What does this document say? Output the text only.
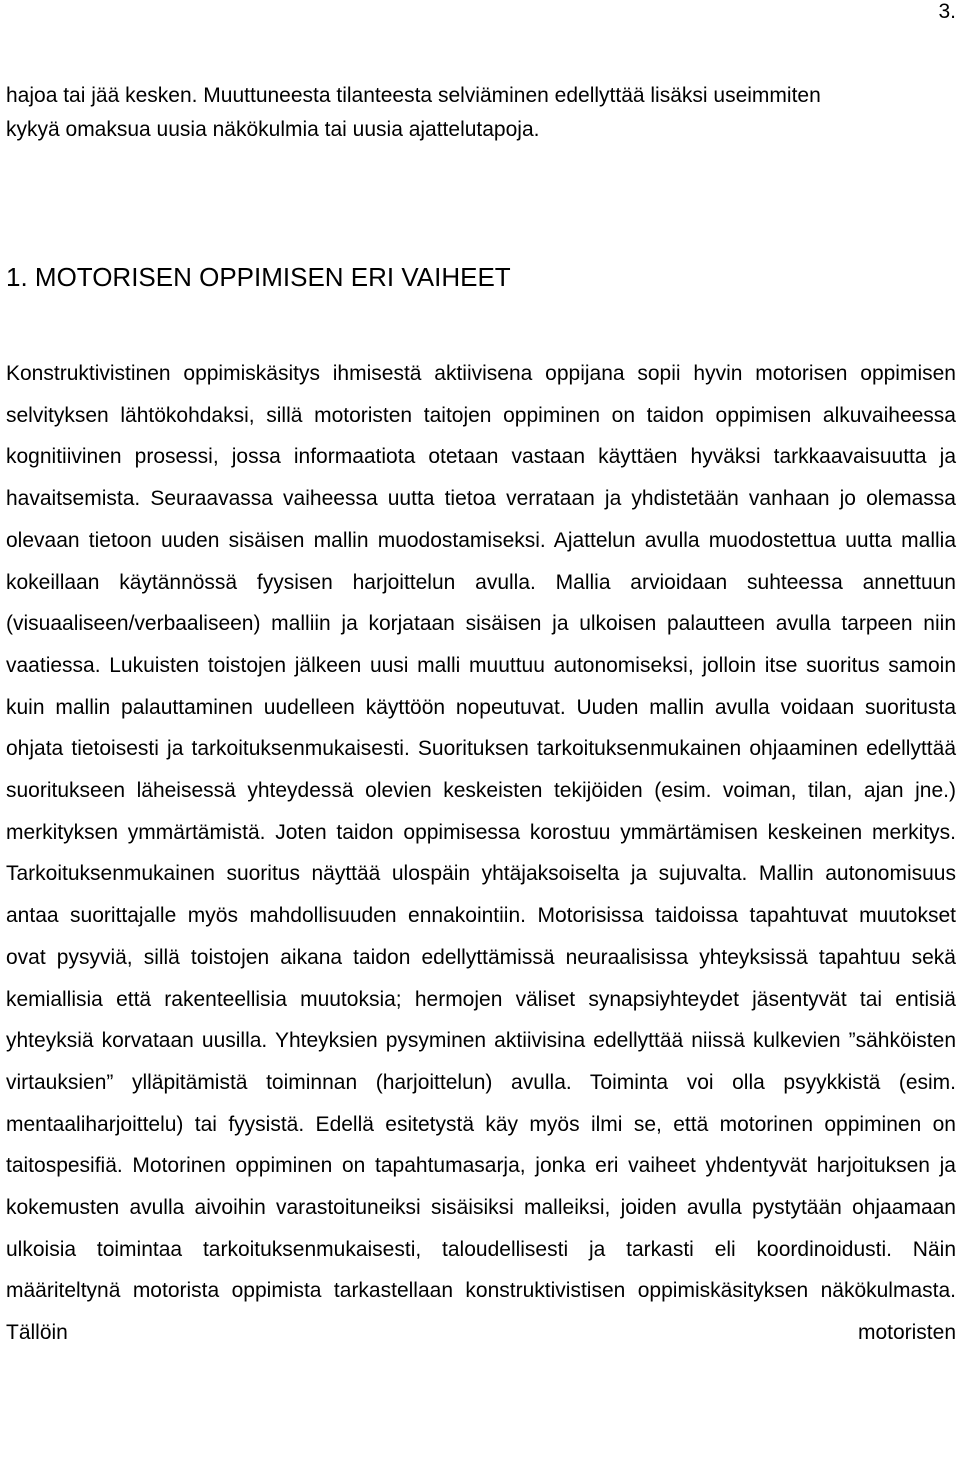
3.

hajoa tai jää kesken. Muuttuneesta tilanteesta selviäminen edellyttää lisäksi useimmiten
kykyä omaksua uusia näkökulmia tai uusia ajattelutapoja.

1. MOTORISEN OPPIMISEN ERI VAIHEET

Konstruktivistinen oppimiskäsitys ihmisestä aktiivisena oppijana sopii hyvin motorisen oppimisen selvityksen lähtökohdaksi, sillä motoristen taitojen oppiminen on taidon oppimisen alkuvaiheessa kognitiivinen prosessi, jossa informaatiota otetaan vastaan käyttäen hyväksi tarkkaavaisuutta ja havaitsemista. Seuraavassa vaiheessa uutta tietoa verrataan ja yhdistetään vanhaan jo olemassa olevaan tietoon uuden sisäisen mallin muodostamiseksi. Ajattelun avulla muodostettua uutta mallia kokeillaan käytännössä fyysisen harjoittelun avulla. Mallia arvioidaan suhteessa annettuun (visuaaliseen/verbaaliseen) malliin ja korjataan sisäisen ja ulkoisen palautteen avulla tarpeen niin vaatiessa. Lukuisten toistojen jälkeen uusi malli muuttuu autonomiseksi, jolloin itse suoritus samoin kuin mallin palauttaminen uudelleen käyttöön nopeutuvat. Uuden mallin avulla voidaan suoritusta ohjata tietoisesti ja tarkoituksenmukaisesti. Suorituksen tarkoituksenmukainen ohjaaminen edellyttää suoritukseen läheisessä yhteydessä olevien keskeisten tekijöiden (esim. voiman, tilan, ajan jne.) merkityksen ymmärtämistä. Joten taidon oppimisessa korostuu ymmärtämisen keskeinen merkitys. Tarkoituksenmukainen suoritus näyttää ulospäin yhtäjaksoiselta ja sujuvalta. Mallin autonomisuus antaa suorittajalle myös mahdollisuuden ennakointiin. Motorisissa taidoissa tapahtuvat muutokset ovat pysyviä, sillä toistojen aikana taidon edellyttämissä neuraalisissa yhteyksissä tapahtuu sekä kemiallisia että rakenteellisia muutoksia; hermojen väliset synapsiyhteydet jäsentyvät tai entisiä yhteyksiä korvataan uusilla. Yhteyksien pysyminen aktiivisina edellyttää niissä kulkevien ”sähköisten virtauksien” ylläpitämistä toiminnan (harjoittelun) avulla. Toiminta voi olla psyykkistä (esim. mentaaliharjoittelu) tai fyysistä. Edellä esitetystä käy myös ilmi se, että motorinen oppiminen on taitospesifiä. Motorinen oppiminen on tapahtumasarja, jonka eri vaiheet yhdentyvät harjoituksen ja kokemusten avulla aivoihin varastoituneiksi sisäisiksi malleiksi, joiden avulla pystytään ohjaamaan ulkoisia toimintaa tarkoituksenmukaisesti, taloudellisesti ja tarkasti eli koordinoidusti. Näin määriteltynä motorista oppimista tarkastellaan konstruktivistisen oppimiskäsityksen näkökulmasta. Tällöin motoristen
